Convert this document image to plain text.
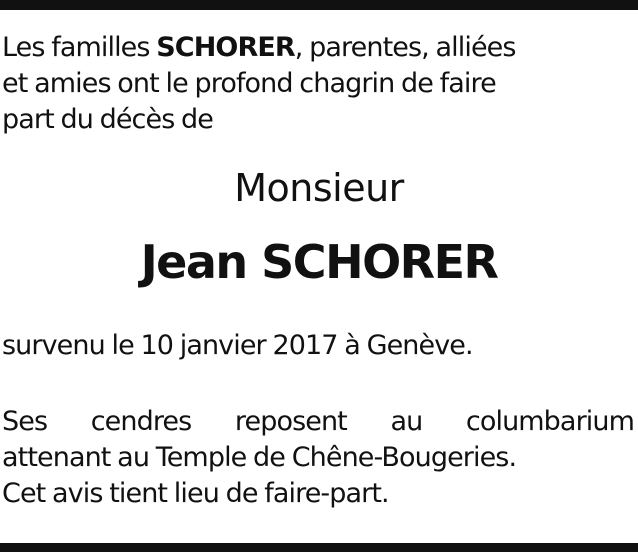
Les familles SCHORER, parentes, alliées
et amies ont le profond chagrin de faire
part du décès de

Monsieur

Jean SCHORER

survenu le 10 janvier 2017 à Genève.

Ses cendres reposent au columbarium
attenant au Temple de Chêne-Bougeries.
Cet avis tient lieu de faire-part.
